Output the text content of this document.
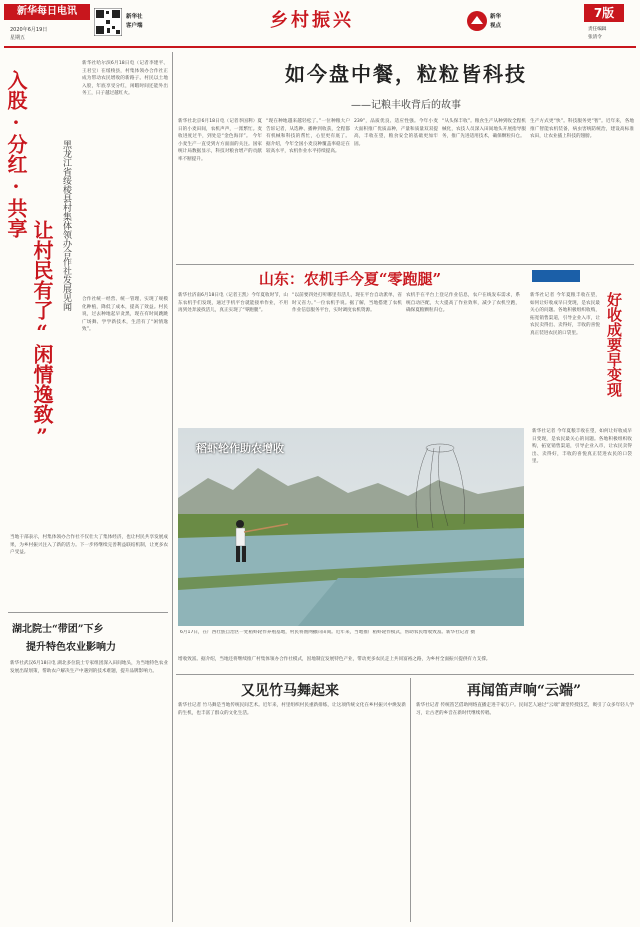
新华每日电讯
2020年6月19日
星期五
新华社
客户端	乡村振兴	新华
视点
7版
责任编辑
张清令
入股·分红·共享
让村民有了“闲情逸致” 黑龙江省绥棱县村集体领办合作社发展见闻
新华社哈尔滨6月18日电（记者李建平、王君宝）在绥棱县，村集体领办合作社正成为带动农民增收的新路子。村民以土地入股，年底享受分红，闲暇时间还能外出务工，日子越过越红火。
合作社统一经营、统一管理，实现了规模化种植，降低了成本，提高了效益。村民说，过去种地起早贪黑，现在有时间跳跳广场舞、学学新技术，生活有了“闲情逸致”。
当地干部表示，村集体领办合作社不仅壮大了集体经济，也让村民共享发展成果，为乡村振兴注入了新的活力。下一步将继续完善利益联结机制，让更多农户受益。
湖北院士“带团”下乡
提升特色农业影响力
新华社武汉6月18日电 湖北多位院士专家组团深入田间地头，为当地特色农业发展出谋划策，帮助农户解决生产中遇到的技术难题，提升品牌影响力。
如今盘中餐，粒粒皆科技
——记粮丰收背后的故事
新华社北京6月18日电（记者李国利）夏日的小麦田间，农机声声，一派繁忙。麦收进度过半，到处是“金色海洋”。 今年小麦生产一直受到方方面面的关注。国家统计局数据显示，科技对粮食增产的贡献率不断提升。
“现在种地越来越轻松了。”一位种粮大户告诉记者，从选种、播种到收获，全程都有机械和科技的帮忙，心里更有底了。 据介绍，今年全国小麦良种覆盖率稳定在较高水平，农机作业水平持续提高。
239”，品质优良、适应性强。今年小麦大面积推广优质品种，产量和质量双双提高，丰收在望，粮食安全的基础更加牢固。
“从头保丰收”。粮食生产从种到收全程机械化，农技人员深入田间地头开展指导服务，推广先进适用技术，确保颗粒归仓。
生产方式更“快”。科技服务更“智”。近年来，各地推广智能农机装备，病虫害统防统治，建设高标准农田，让农业插上科技的翅膀。
山东：农机手今夏“零跑腿”
新华社济南6月18日电（记者王凯）今年夏收时节，山东农机手们发现，通过手机平台就能接单作业，不用再到处奔波找活儿，真正实现了“零跑腿”。
“以前要四处打听哪里有活儿，现在平台自动派单，省时又省力。”一位农机手说。据了解，当地搭建了农机作业信息服务平台，实时调度农机资源。
农机手在平台上登记作业信息，农户在线发布需求，系统自动匹配，大大提高了作业效率，减少了农机空跑，确保夏粮颗粒归仓。	好收成要早变现
新华社记者 今年夏粮丰收在望，如何让好收成早日变现，是农民最关心的问题。各地积极组织收购，拓宽销售渠道，引导企业入市，让农民卖得出、卖得好，丰收的喜悦真正装进农民的口袋里。
新华社记者 今年夏粮丰收在望，如何让好收成早日变现，是农民最关心的问题。各地积极组织收购，拓宽销售渠道，引导企业入市，让农民卖得出、卖得好，丰收的喜悦真正装进农民的口袋里。
稻虾轮作助农增收
6月17日，在广西壮族自治区一处稻虾轮作养殖基地，村民将渔网撒向田间。近年来，当地推广稻虾轮作模式，帮助农民增收致富。新华社记者 摄
增收致富。据介绍，当地还将继续推广村集体领办合作社模式，因地制宜发展特色产业，带动更多农民走上共同富裕之路，为乡村全面振兴提供有力支撑。
又见竹马舞起来
新华社记者 竹马舞是当地传统民间艺术。近年来，村里组织村民重新排练，让这项传统文化在乡村振兴中焕发新的生机，也丰富了群众的文化生活。
再闻笛声响“云端”
新华社记者 传统笛艺借助网络直播走进千家万户。民间艺人通过“云端”课堂传授技艺，吸引了众多年轻人学习，让古老的乡音在新时代继续传唱。
